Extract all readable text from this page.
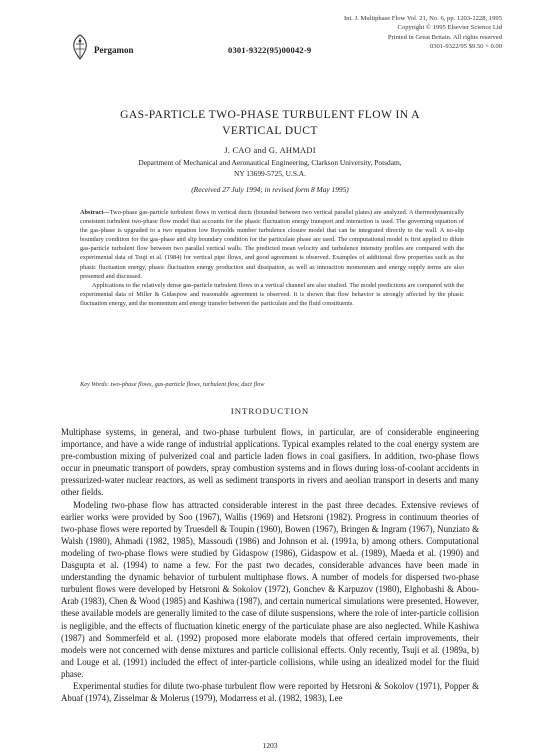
Pergamon	0301-9322(95)00042-9
Int. J. Multiphase Flow Vol. 21, No. 6, pp. 1203-1228, 1995
Copyright © 1995 Elsevier Science Ltd
Printed in Great Britain. All rights reserved
0301-9322/95 $9.50 + 0.00
GAS-PARTICLE TWO-PHASE TURBULENT FLOW IN A
VERTICAL DUCT
J. CAO and G. AHMADI
Department of Mechanical and Aeronautical Engineering, Clarkson University, Potsdam,
NY 13699-5725, U.S.A.
(Received 27 July 1994; in revised form 8 May 1995)

Abstract—Two-phase gas-particle turbulent flows in vertical ducts (bounded between two vertical parallel plates) are analyzed. A thermodynamically consistent turbulent two-phase flow model that accounts for the phasic fluctuation energy transport and interaction is used. The governing equation of the gas-phase is upgraded to a two equation low Reynolds number turbulence closure model that can be integrated directly to the wall. A no-slip boundary condition for the gas-phase and slip boundary condition for the particulate phase are used. The computational model is first applied to dilute gas-particle turbulent flow between two parallel vertical walls. The predicted mean velocity and turbulence intensity profiles are compared with the experimental data of Tsuji et al. (1984) for vertical pipe flows, and good agreement is observed. Examples of additional flow properties such as the phasic fluctuation energy, phasic fluctuation energy production and dissipation, as well as interaction momentum and energy supply terms are also presented and discussed.

Applications to the relatively dense gas-particle turbulent flows in a vertical channel are also studied. The model predictions are compared with the experimental data of Miller & Gidaspow and reasonable agreement is observed. It is shown that flow behavior is strongly affected by the phasic fluctuation energy, and the momentum and energy transfer between the particulate and the fluid constituents.

Key Words: two-phase flows, gas-particle flows, turbulent flow, duct flow
INTRODUCTION

Multiphase systems, in general, and two-phase turbulent flows, in particular, are of considerable engineering importance, and have a wide range of industrial applications. Typical examples related to the coal energy system are pre-combustion mixing of pulverized coal and particle laden flows in coal gasifiers. In addition, two-phase flows occur in pneumatic transport of powders, spray combustion systems and in flows during loss-of-coolant accidents in pressurized-water nuclear reactors, as well as sediment transports in rivers and aeolian transport in deserts and many other fields.

Modeling two-phase flow has attracted considerable interest in the past three decades. Extensive reviews of earlier works were provided by Soo (1967), Wallis (1969) and Hetsroni (1982). Progress in continuum theories of two-phase flows were reported by Truesdell & Toupin (1960), Bowen (1967), Bringen & Ingram (1967), Nunziato & Walsh (1980), Ahmadi (1982, 1985), Massoudi (1986) and Johnson et al. (1991a, b) among others. Computational modeling of two-phase flows were studied by Gidaspow (1986), Gidaspow et al. (1989), Maeda et al. (1990) and Dasgupta et al. (1994) to name a few. For the past two decades, considerable advances have been made in understanding the dynamic behavior of turbulent multiphase flows. A number of models for dispersed two-phase turbulent flows were developed by Hetsroni & Sokolov (1972), Gonchev & Karpuzov (1980), Elghobashi & Abou-Arab (1983), Chen & Wood (1985) and Kashiwa (1987), and certain numerical simulations were presented. However, these available models are generally limited to the case of dilute suspensions, where the role of inter-particle collision is negligible, and the effects of fluctuation kinetic energy of the particulate phase are also neglected. While Kashiwa (1987) and Sommerfeld et al. (1992) proposed more elaborate models that offered certain improvements, their models were not concerned with dense mixtures and particle collisional effects. Only recently, Tsuji et al. (1989a, b) and Louge et al. (1991) included the effect of inter-particle collisions, while using an idealized model for the fluid phase.

Experimental studies for dilute two-phase turbulent flow were reported by Hetsroni & Sokolov (1971), Popper & Abuaf (1974), Zisselmar & Molerus (1979), Modarress et al. (1982, 1983), Lee

1203
